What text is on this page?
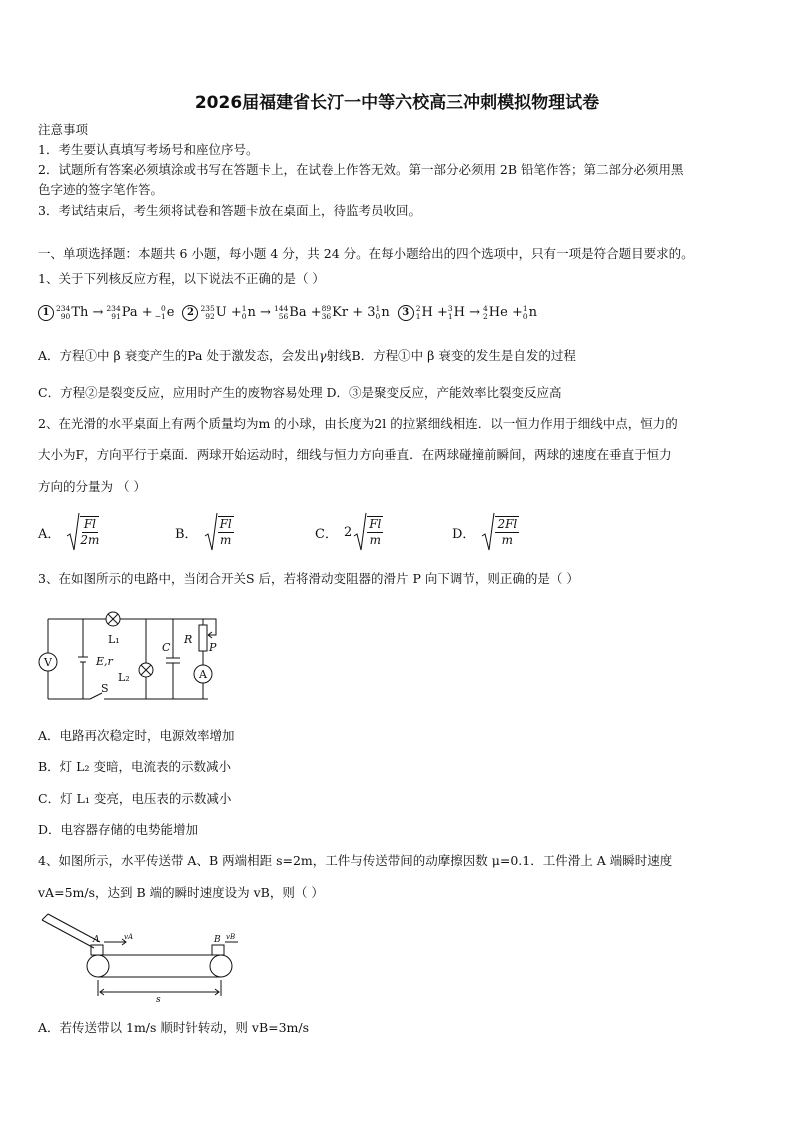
2026届福建省长汀一中等六校高三冲刺模拟物理试卷
注意事项
1．考生要认真填写考场号和座位序号。
2．试题所有答案必须填涂或书写在答题卡上，在试卷上作答无效。第一部分必须用 2B 铅笔作答；第二部分必须用黑
色字迹的签字笔作答。
3．考试结束后，考生须将试卷和答题卡放在桌面上，待监考员收回。
一、单项选择题：本题共 6 小题，每小题 4 分，共 24 分。在每小题给出的四个选项中，只有一项是符合题目要求的。
1、关于下列核反应方程，以下说法不正确的是（ ）
1 234
90 Th → 234
91 Pa +	0
−1 e	2 235
92 U + 1
0 n → 144
56 Ba + 89
36 Kr + 3 1
0 n	3 2
1 H + 3
1 H → 4
2 He + 1
0 n
A．方程①中 β 衰变产生的Pa 处于激发态，会发出γ射线B．方程①中 β 衰变的发生是自发的过程
C．方程②是裂变反应，应用时产生的废物容易处理 D．③是聚变反应，产能效率比裂变反应高
2、在光滑的水平桌面上有两个质量均为m 的小球，由长度为2l 的拉紧细线相连．以一恒力作用于细线中点，恒力的
大小为F，方向平行于桌面．两球开始运动时，细线与恒力方向垂直．在两球碰撞前瞬间，两球的速度在垂直于恒力
方向的分量为 （ ）
A． $\frac{Fl}{2m}$	B． $\frac{Fl}{m}$	C． $2 \frac{Fl}{m}$	D． $\frac{2Fl}{m}$
3、在如图所示的电路中，当闭合开关S 后，若将滑动变阻器的滑片 P 向下调节，则正确的是（ ）
V
A
L₁
L₂
E,r
S
C
R
P
A．电路再次稳定时，电源效率增加
B．灯 L₂ 变暗，电流表的示数减小
C．灯 L₁ 变亮，电压表的示数减小
D．电容器存储的电势能增加
4、如图所示，水平传送带 A、B 两端相距 s=2m，工件与传送带间的动摩擦因数 μ=0.1．工件滑上 A 端瞬时速度
vA=5m/s，达到 B 端的瞬时速度设为 vB，则（ ）
A	B
vA	vB
s
A．若传送带以 1m/s 顺时针转动，则 vB=3m/s
